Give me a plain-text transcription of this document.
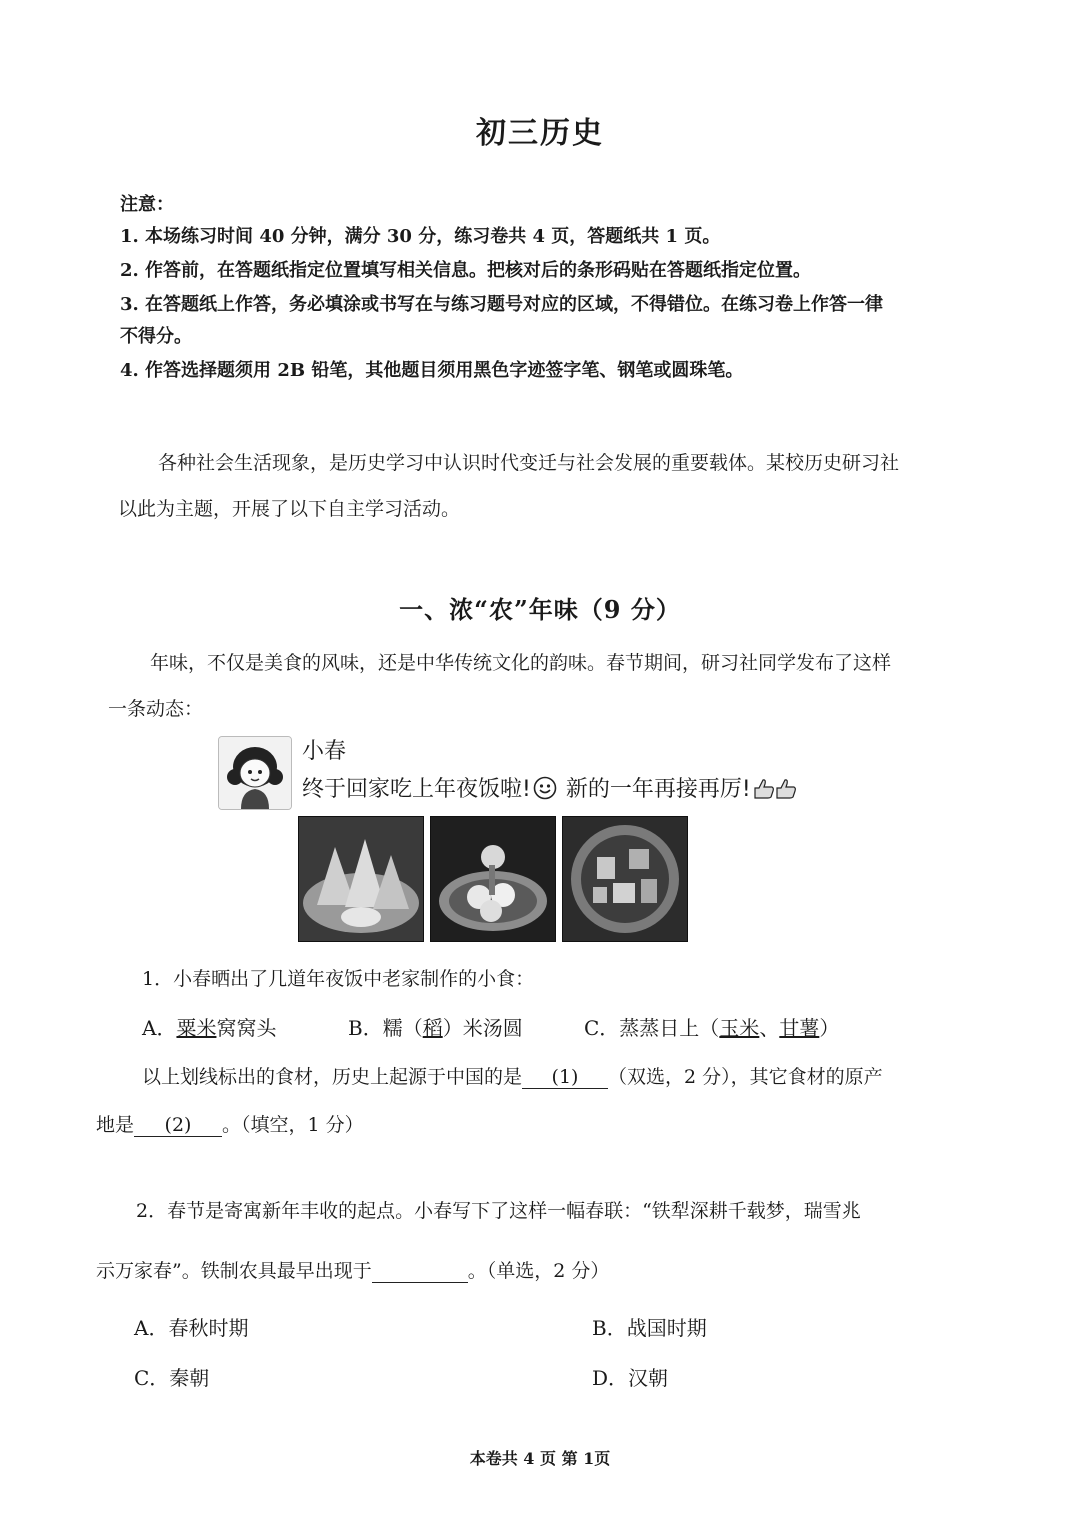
初三历史
注意：
1. 本场练习时间 40 分钟，满分 30 分，练习卷共 4 页，答题纸共 1 页。
2. 作答前，在答题纸指定位置填写相关信息。把核对后的条形码贴在答题纸指定位置。
3. 在答题纸上作答，务必填涂或书写在与练习题号对应的区域，不得错位。在练习卷上作答一律
不得分。
4. 作答选择题须用 2B 铅笔，其他题目须用黑色字迹签字笔、钢笔或圆珠笔。
各种社会生活现象，是历史学习中认识时代变迁与社会发展的重要载体。某校历史研习社
以此为主题，开展了以下自主学习活动。
一、浓“农”年味（9 分）
年味，不仅是美食的风味，还是中华传统文化的韵味。春节期间，研习社同学发布了这样
一条动态：
小春
终于回家吃上年夜饭啦! 新的一年再接再厉!
1．小春晒出了几道年夜饭中老家制作的小食：
A．粟米窝窝头	B．糯（稻）米汤圆	C．蒸蒸日上（玉米、甘薯）
以上划线标出的食材，历史上起源于中国的是 (1) （双选，2 分），其它食材的原产
地是 (2) 。（填空，1 分）
2．春节是寄寓新年丰收的起点。小春写下了这样一幅春联：“铁犁深耕千载梦，瑞雪兆
示万家春”。铁制农具最早出现于	。（单选，2 分）
A．春秋时期	B．战国时期
C．秦朝	D．汉朝
本卷共 4 页 第 1页
